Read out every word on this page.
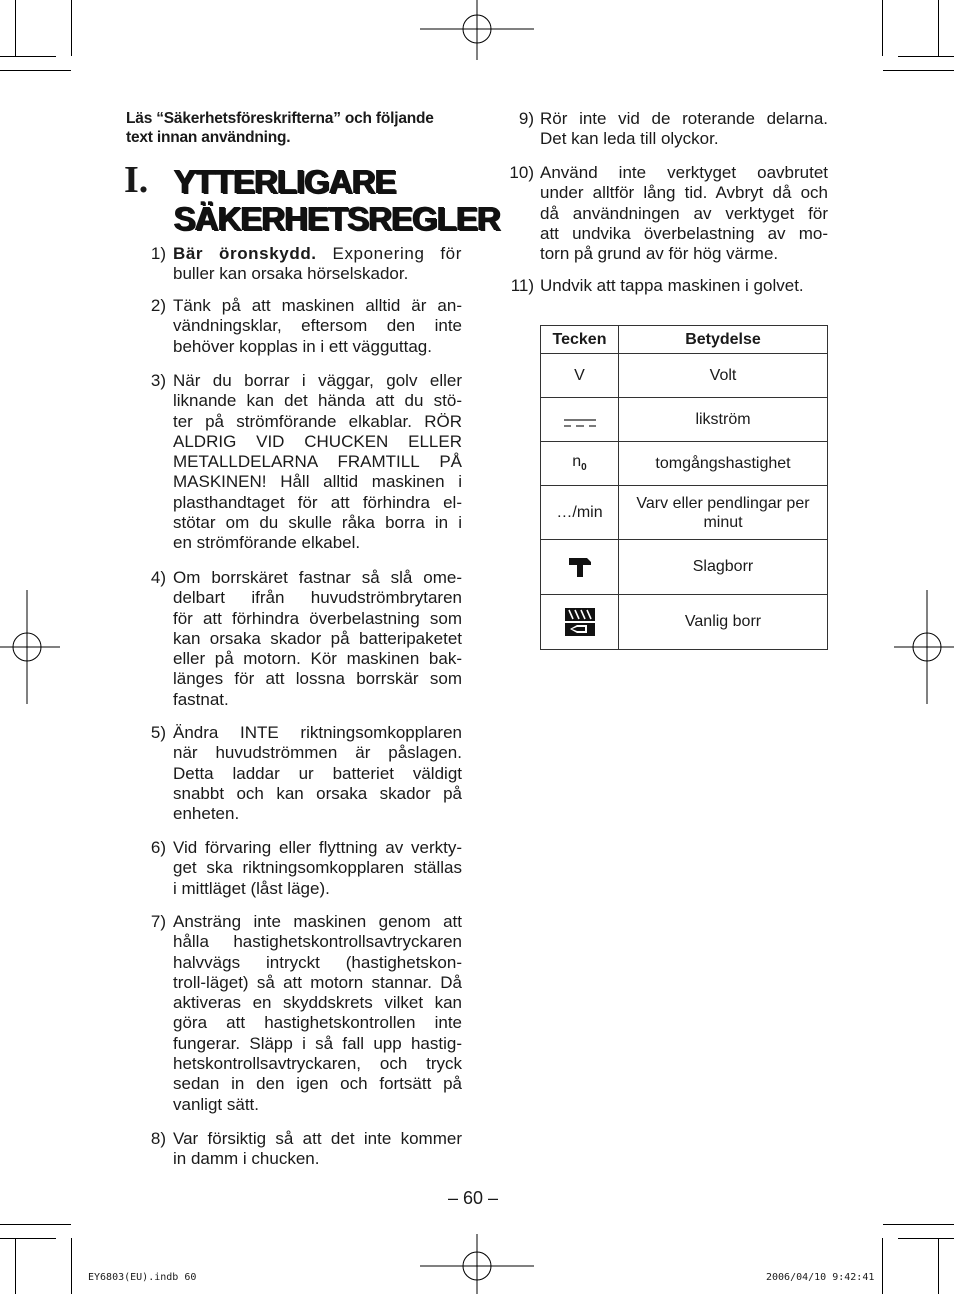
Läs “Säkerhetsföreskrifterna” och följande text innan användning.
I. YTTERLIGARE
SÄKERHETSREGLER
1) Bär öronskydd. Exponering för
buller kan orsaka hörselskador.
2) Tänk på att maskinen alltid är an-
vändningsklar, eftersom den inte
behöver kopplas in i ett vägguttag.
3) När du borrar i väggar, golv eller
liknande kan det hända att du stö-
ter på strömförande elkablar. RÖR
ALDRIG VID CHUCKEN ELLER
METALLDELARNA FRAMTILL PÅ
MASKINEN! Håll alltid maskinen i
plasthandtaget för att förhindra el-
stötar om du skulle råka borra in i
en strömförande elkabel.
4) Om borrskäret fastnar så slå ome-
delbart ifrån huvudströmbrytaren
för att förhindra överbelastning som
kan orsaka skador på batteripaketet
eller på motorn. Kör maskinen bak-
länges för att lossna borrskär som
fastnat.
5) Ändra INTE riktningsomkopplaren
när huvudströmmen är påslagen.
Detta laddar ur batteriet väldigt
snabbt och kan orsaka skador på
enheten.
6) Vid förvaring eller flyttning av verkty-
get ska riktningsomkopplaren ställas
i mittläget (låst läge).
7) Ansträng inte maskinen genom att
hålla hastighetskontrollsavtryckaren
halvvägs intryckt (hastighetskon-
troll-läget) så att motorn stannar. Då
aktiveras en skyddskrets vilket kan
göra att hastighetskontrollen inte
fungerar. Släpp i så fall upp hastig-
hetskontrollsavtryckaren, och tryck
sedan in den igen och fortsätt på
vanligt sätt.
8) Var försiktig så att det inte kommer
in damm i chucken.
9) Rör inte vid de roterande delarna.
Det kan leda till olyckor.
10) Använd inte verktyget oavbrutet
under alltför lång tid. Avbryt då och
då användningen av verktyget för
att undvika överbelastning av mo-
torn på grund av för hög värme.
11) Undvik att tappa maskinen i golvet.
Tecken	Betydelse
V	Volt
	likström
$n_0$	tomgångshastighet
…/min	Varv eller pendlingar per minut
	Slagborr
	Vanlig borr
– 60 –
EY6803(EU).indb 60	2006/04/10 9:42:41
